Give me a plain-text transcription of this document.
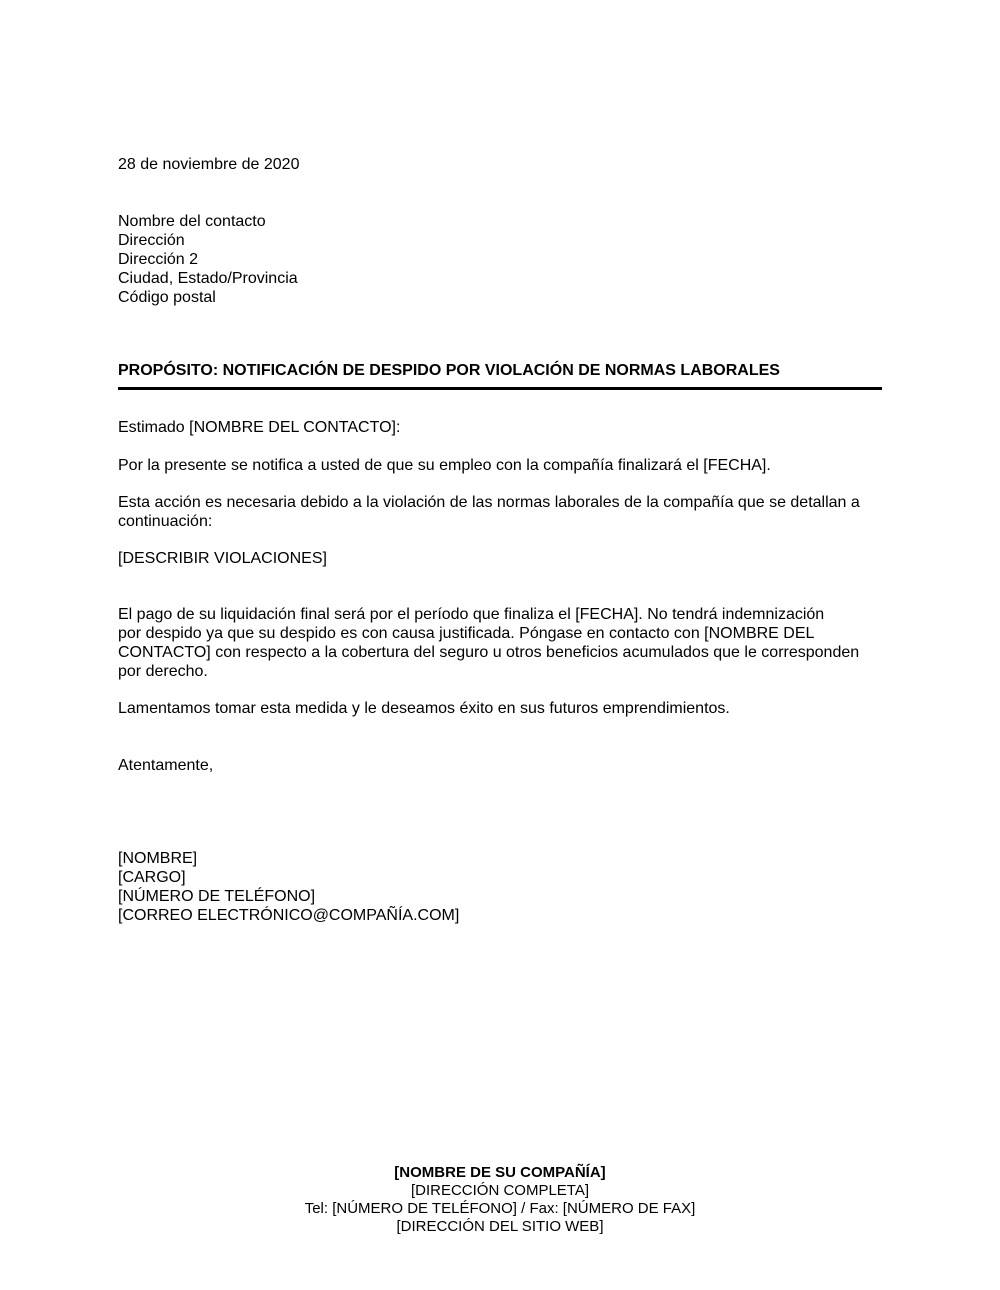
28 de noviembre de 2020
Nombre del contacto
Dirección
Dirección 2
Ciudad, Estado/Provincia
Código postal
PROPÓSITO: NOTIFICACIÓN DE DESPIDO POR VIOLACIÓN DE NORMAS LABORALES
Estimado [NOMBRE DEL CONTACTO]:
Por la presente se notifica a usted de que su empleo con la compañía finalizará el [FECHA].
Esta acción es necesaria debido a la violación de las normas laborales de la compañía que se detallan a
continuación:
[DESCRIBIR VIOLACIONES]
El pago de su liquidación final será por el período que finaliza el [FECHA]. No tendrá indemnización
por despido ya que su despido es con causa justificada. Póngase en contacto con [NOMBRE DEL
CONTACTO] con respecto a la cobertura del seguro u otros beneficios acumulados que le corresponden
por derecho.
Lamentamos tomar esta medida y le deseamos éxito en sus futuros emprendimientos.
Atentamente,
[NOMBRE]
[CARGO]
[NÚMERO DE TELÉFONO]
[CORREO ELECTRÓNICO@COMPAÑÍA.COM]
[NOMBRE DE SU COMPAÑÍA]
[DIRECCIÓN COMPLETA]
Tel: [NÚMERO DE TELÉFONO] / Fax: [NÚMERO DE FAX]
[DIRECCIÓN DEL SITIO WEB]
